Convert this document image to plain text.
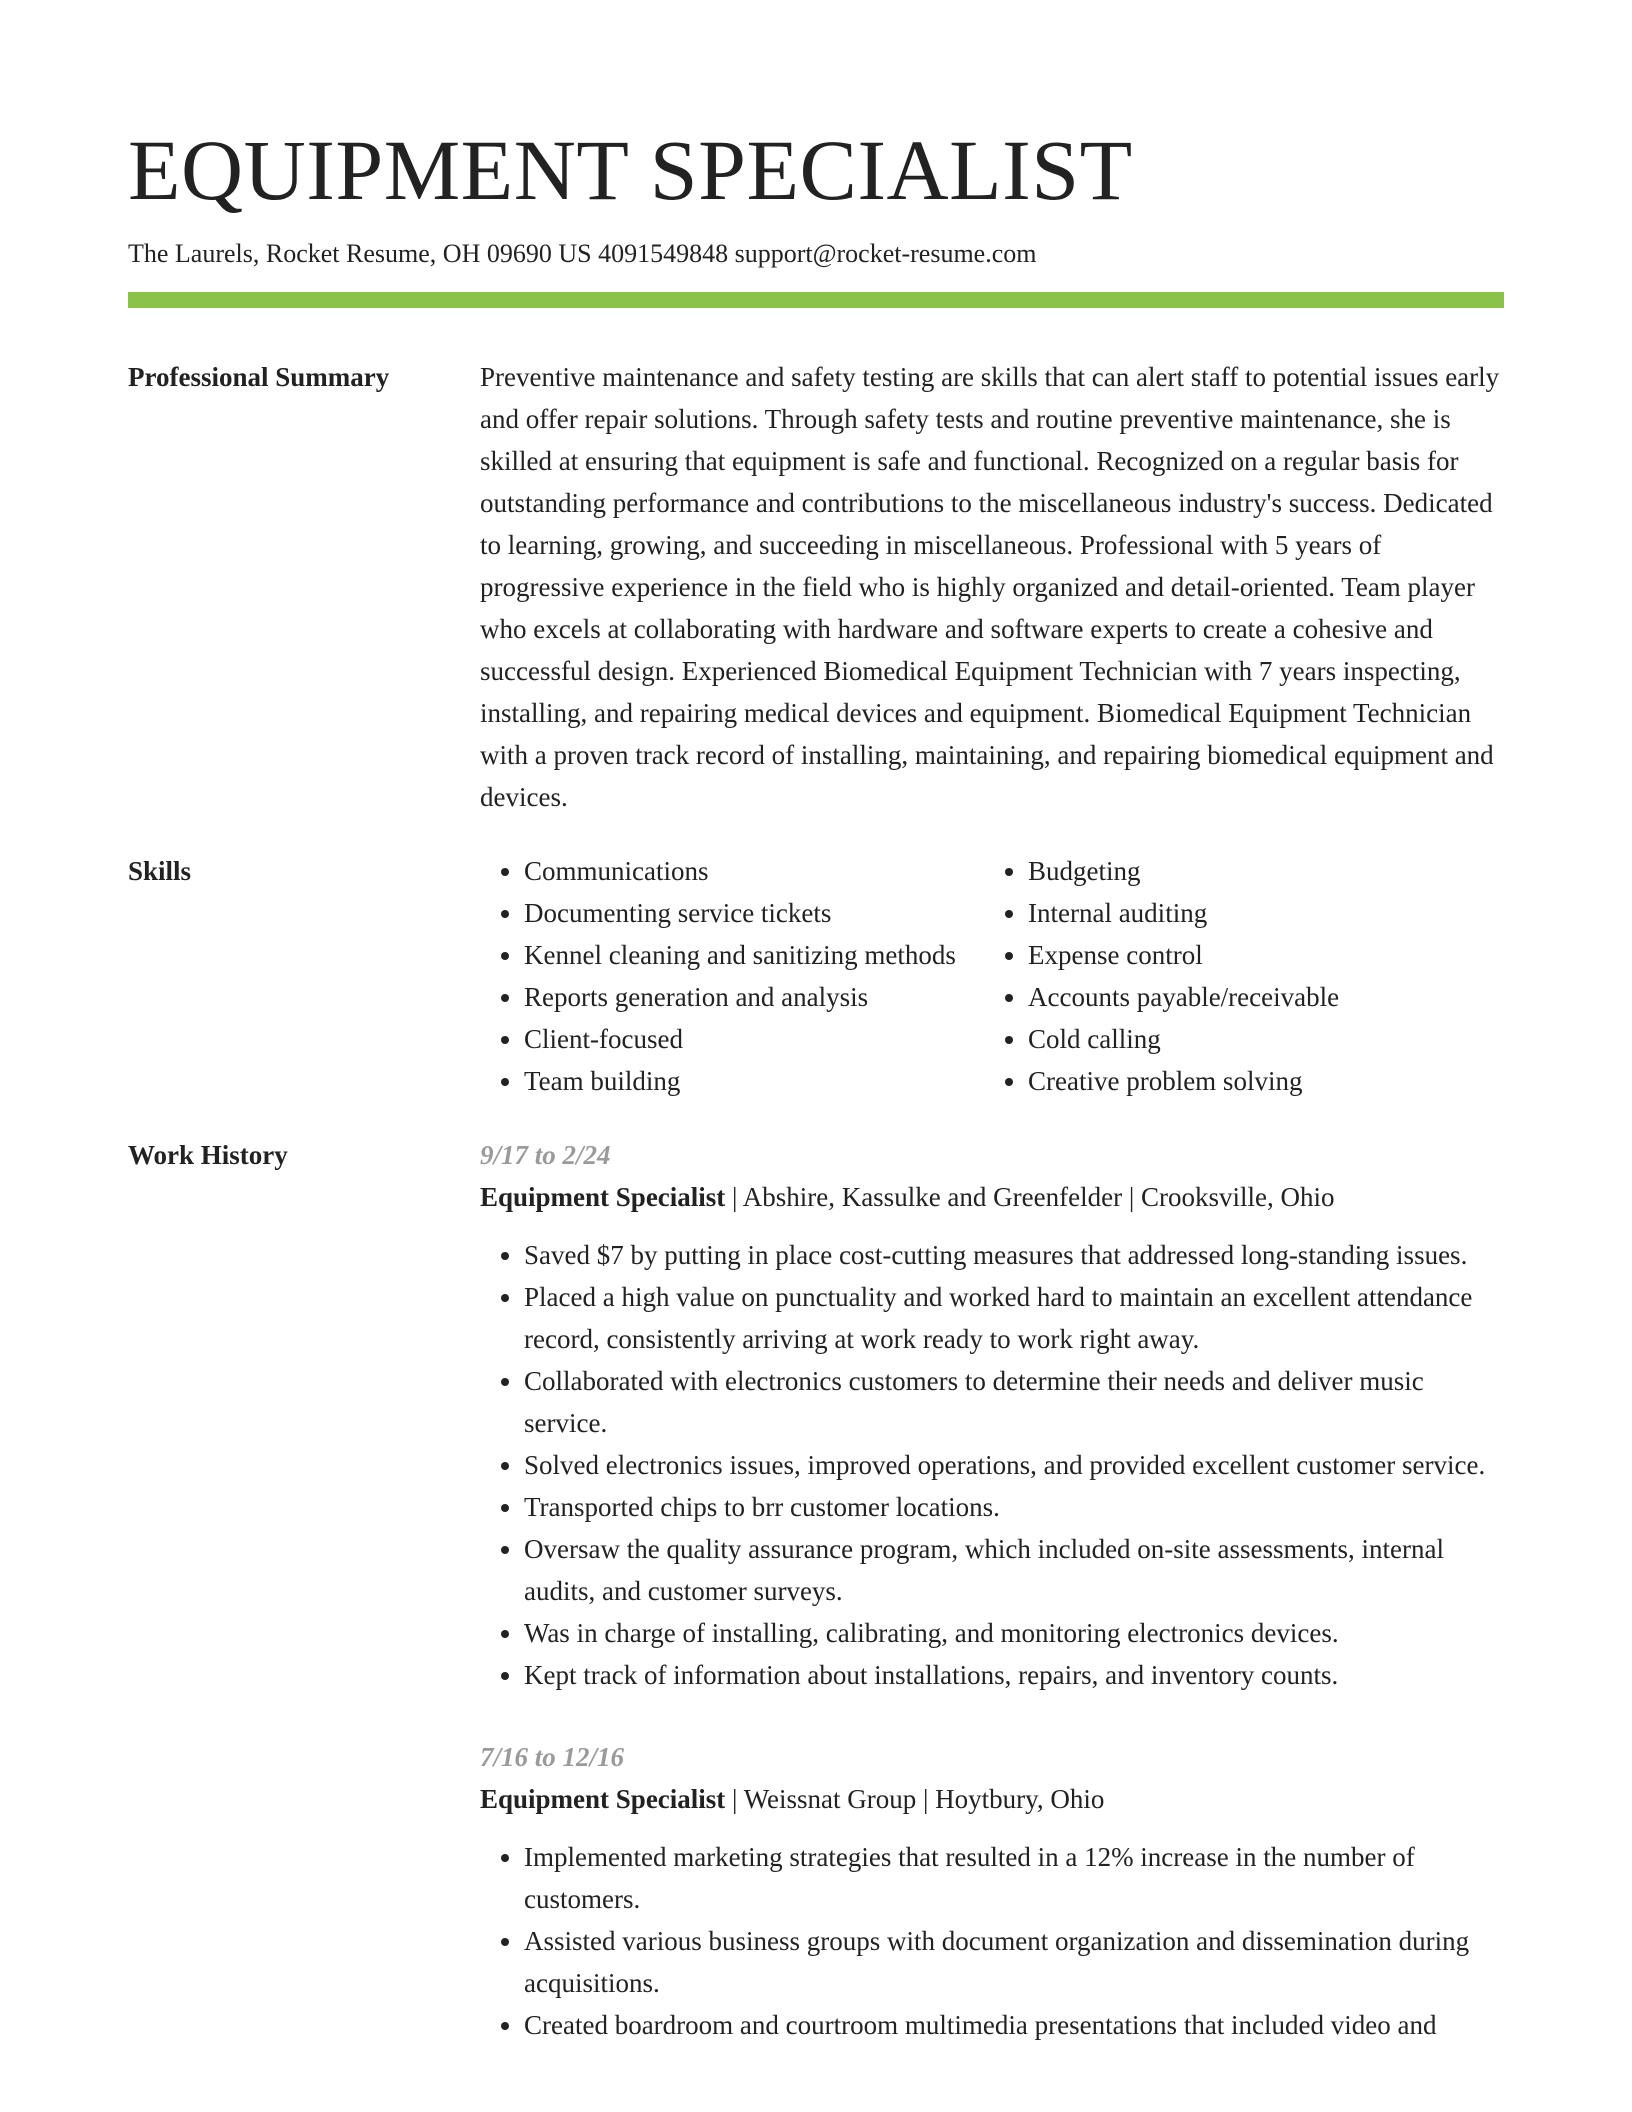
EQUIPMENT SPECIALIST
The Laurels, Rocket Resume, OH 09690 US 4091549848 support@rocket-resume.com
Professional Summary	Preventive maintenance and safety testing are skills that can alert staff to potential issues early and offer repair solutions. Through safety tests and routine preventive maintenance, she is skilled at ensuring that equipment is safe and functional. Recognized on a regular basis for outstanding performance and contributions to the miscellaneous industry's success. Dedicated to learning, growing, and succeeding in miscellaneous. Professional with 5 years of progressive experience in the field who is highly organized and detail-oriented. Team player who excels at collaborating with hardware and software experts to create a cohesive and successful design. Experienced Biomedical Equipment Technician with 7 years inspecting, installing, and repairing medical devices and equipment. Biomedical Equipment Technician with a proven track record of installing, maintaining, and repairing biomedical equipment and devices.

Skills
•	Communications
• Documenting service tickets
• Kennel cleaning and sanitizing methods
• Reports generation and analysis
• Client-focused
• Team building
• Budgeting
• Internal auditing
• Expense control
• Accounts payable/receivable
• Cold calling
• Creative problem solving
Work History	9/17 to 2/24
Equipment Specialist | Abshire, Kassulke and Greenfelder | Crooksville, Ohio
• Saved $7 by putting in place cost-cutting measures that addressed long-standing issues.
• Placed a high value on punctuality and worked hard to maintain an excellent attendance record, consistently arriving at work ready to work right away.
• Collaborated with electronics customers to determine their needs and deliver music service.
• Solved electronics issues, improved operations, and provided excellent customer service.
• Transported chips to brr customer locations.
• Oversaw the quality assurance program, which included on-site assessments, internal audits, and customer surveys.
• Was in charge of installing, calibrating, and monitoring electronics devices.
• Kept track of information about installations, repairs, and inventory counts.
7/16 to 12/16
Equipment Specialist | Weissnat Group | Hoytbury, Ohio
• Implemented marketing strategies that resulted in a 12% increase in the number of customers.
• Assisted various business groups with document organization and dissemination during acquisitions.
• Created boardroom and courtroom multimedia presentations that included video and
